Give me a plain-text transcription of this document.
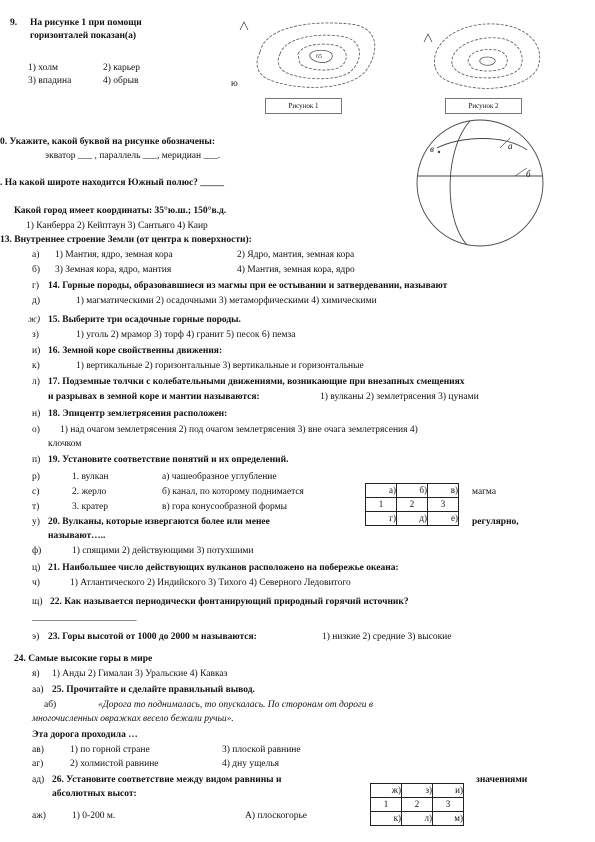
9. На рисунке 1 при помощи
горизонталей показан(а)
1) холм	2) карьер
3) впадина	4) обрыв
65
ю
Рисунок 1	Рисунок 2
0. Укажите, какой буквой на рисунке обозначены:
экватор ___ , параллель ___, меридиан ___.
в	а
б
. На какой широте находится Южный полюс? _____
Какой город имеет координаты: 35°ю.ш.; 150°в.д.
1) Канберра 2) Кейптаун 3) Сантьяго 4) Каир
13. Внутреннее строение Земли (от центра к поверхности):
а) 1) Мантия, ядро, земная кора	2) Ядро, мантия, земная кора
б) 3) Земная кора, ядро, мантия	4) Мантия, земная кора, ядро
г) 14. Горные породы, образовавшиеся из магмы при ее остывании и затвердевании, называют
д)	1) магматическими 2) осадочными 3) метаморфическими 4) химическими
ж) 15. Выберите три осадочные горные породы.
з)	1) уголь 2) мрамор 3) торф 4) гранит 5) песок 6) пемза
и) 16. Земной коре свойственны движения:
к)	1) вертикальные 2) горизонтальные 3) вертикальные и горизонтальные
л) 17. Подземные толчки с колебательными движениями, возникающие при внезапных смещениях
и разрывах в земной коре и мантии называются:	1) вулканы 2) землетрясения 3) цунами
н) 18. Эпицентр землетрясения расположен:
о) 1) над очагом землетрясения 2) под очагом землетрясения 3) вне очага землетрясения 4)
клочком
п) 19. Установите соответствие понятий и их определений.
р)	1. вулкан	а) чашеобразное углубление
с)	2. жерло	б) канал, по которому поднимается
т)	3. кратер	в) гора конусообразной формы
магма
а)	б)	в)
1	2	3
г)	д)	е)
у) 20. Вулканы, которые извергаются более или менее	регулярно,
называют…..
ф)	1) спящими 2) действующими 3) потухшими
ц) 21. Наибольшее число действующих вулканов расположено на побережье океана:
ч)	1) Атлантического 2) Индийского 3) Тихого 4) Северного Ледовитого
щ) 22. Как называется периодически фонтанирующий природный горячий источник?
______________________
э) 23. Горы высотой от 1000 до 2000 м называются:	1) низкие 2) средние 3) высокие
24. Самые высокие горы в мире
я) 1) Анды 2) Гималаи 3) Уральские 4) Кавказ
аа) 25. Прочитайте и сделайте правильный вывод.
аб)	«Дорога то поднималась, то опускалась. По сторонам от дороги в
многочисленных овражках весело бежали ручьи».
Эта дорога проходила …
ав)	1) по горной стране	3) плоской равнине
аг)	2) холмистой равнине	4) дну ущелья
ад) 26. Установите соответствие между видом равнины и	значениями
абсолютных высот:
аж)	1) 0-200 м.	А) плоскогорье
ж)	з)	и)
1	2	3
к)	л)	м)
